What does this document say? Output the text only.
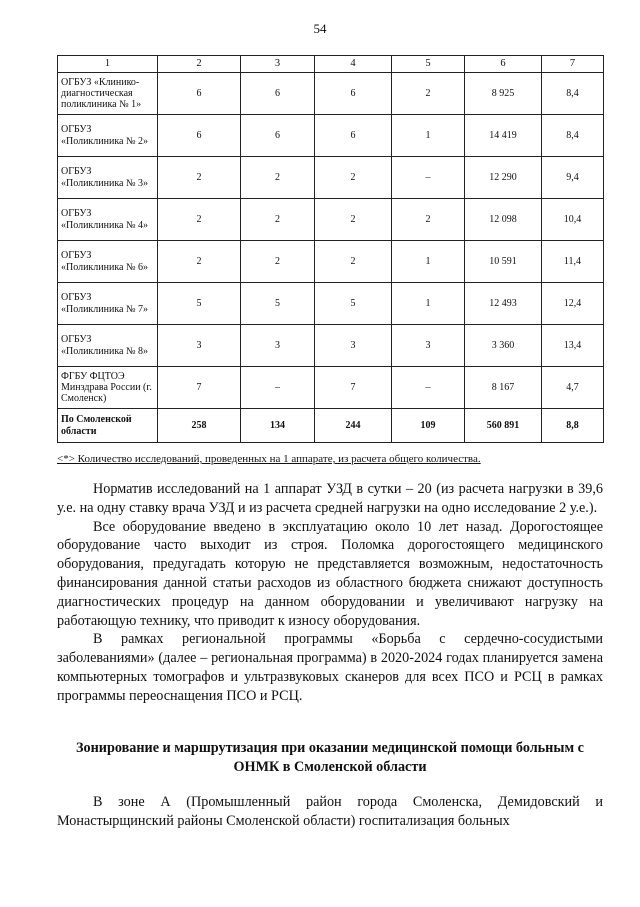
54
1	2	3	4	5	6	7
ОГБУЗ «Клинико-диагностическая поликлиника № 1»	6	6	6	2	8 925	8,4
ОГБУЗ «Поликлиника № 2»	6	6	6	1	14 419	8,4
ОГБУЗ «Поликлиника № 3»	2	2	2	–	12 290	9,4
ОГБУЗ «Поликлиника № 4»	2	2	2	2	12 098	10,4
ОГБУЗ «Поликлиника № 6»	2	2	2	1	10 591	11,4
ОГБУЗ «Поликлиника № 7»	5	5	5	1	12 493	12,4
ОГБУЗ «Поликлиника № 8»	3	3	3	3	3 360	13,4
ФГБУ ФЦТОЭ Минздрава России (г. Смоленск)	7	–	7	–	8 167	4,7
По Смоленской области	258	134	244	109	560 891	8,8
<*> Количество исследований, проведенных на 1 аппарате, из расчета общего количества.

Норматив исследований на 1 аппарат УЗД в сутки – 20 (из расчета нагрузки в 39,6 у.е. на одну ставку врача УЗД и из расчета средней нагрузки на одно исследование 2 у.е.).

Все оборудование введено в эксплуатацию около 10 лет назад. Дорогостоящее оборудование часто выходит из строя. Поломка дорогостоящего медицинского оборудования, предугадать которую не представляется возможным, недостаточность финансирования данной статьи расходов из областного бюджета снижают доступность диагностических процедур на данном оборудовании и увеличивают нагрузку на работающую технику, что приводит к износу оборудования.

В рамках региональной программы «Борьба с сердечно-сосудистыми заболеваниями» (далее – региональная программа) в 2020-2024 годах планируется замена компьютерных томографов и ультразвуковых сканеров для всех ПСО и РСЦ в рамках программы переоснащения ПСО и РСЦ.

Зонирование и маршрутизация при оказании медицинской помощи больным с ОНМК в Смоленской области

В зоне А (Промышленный район города Смоленска, Демидовский и Монастырщинский районы Смоленской области) госпитализация больных
